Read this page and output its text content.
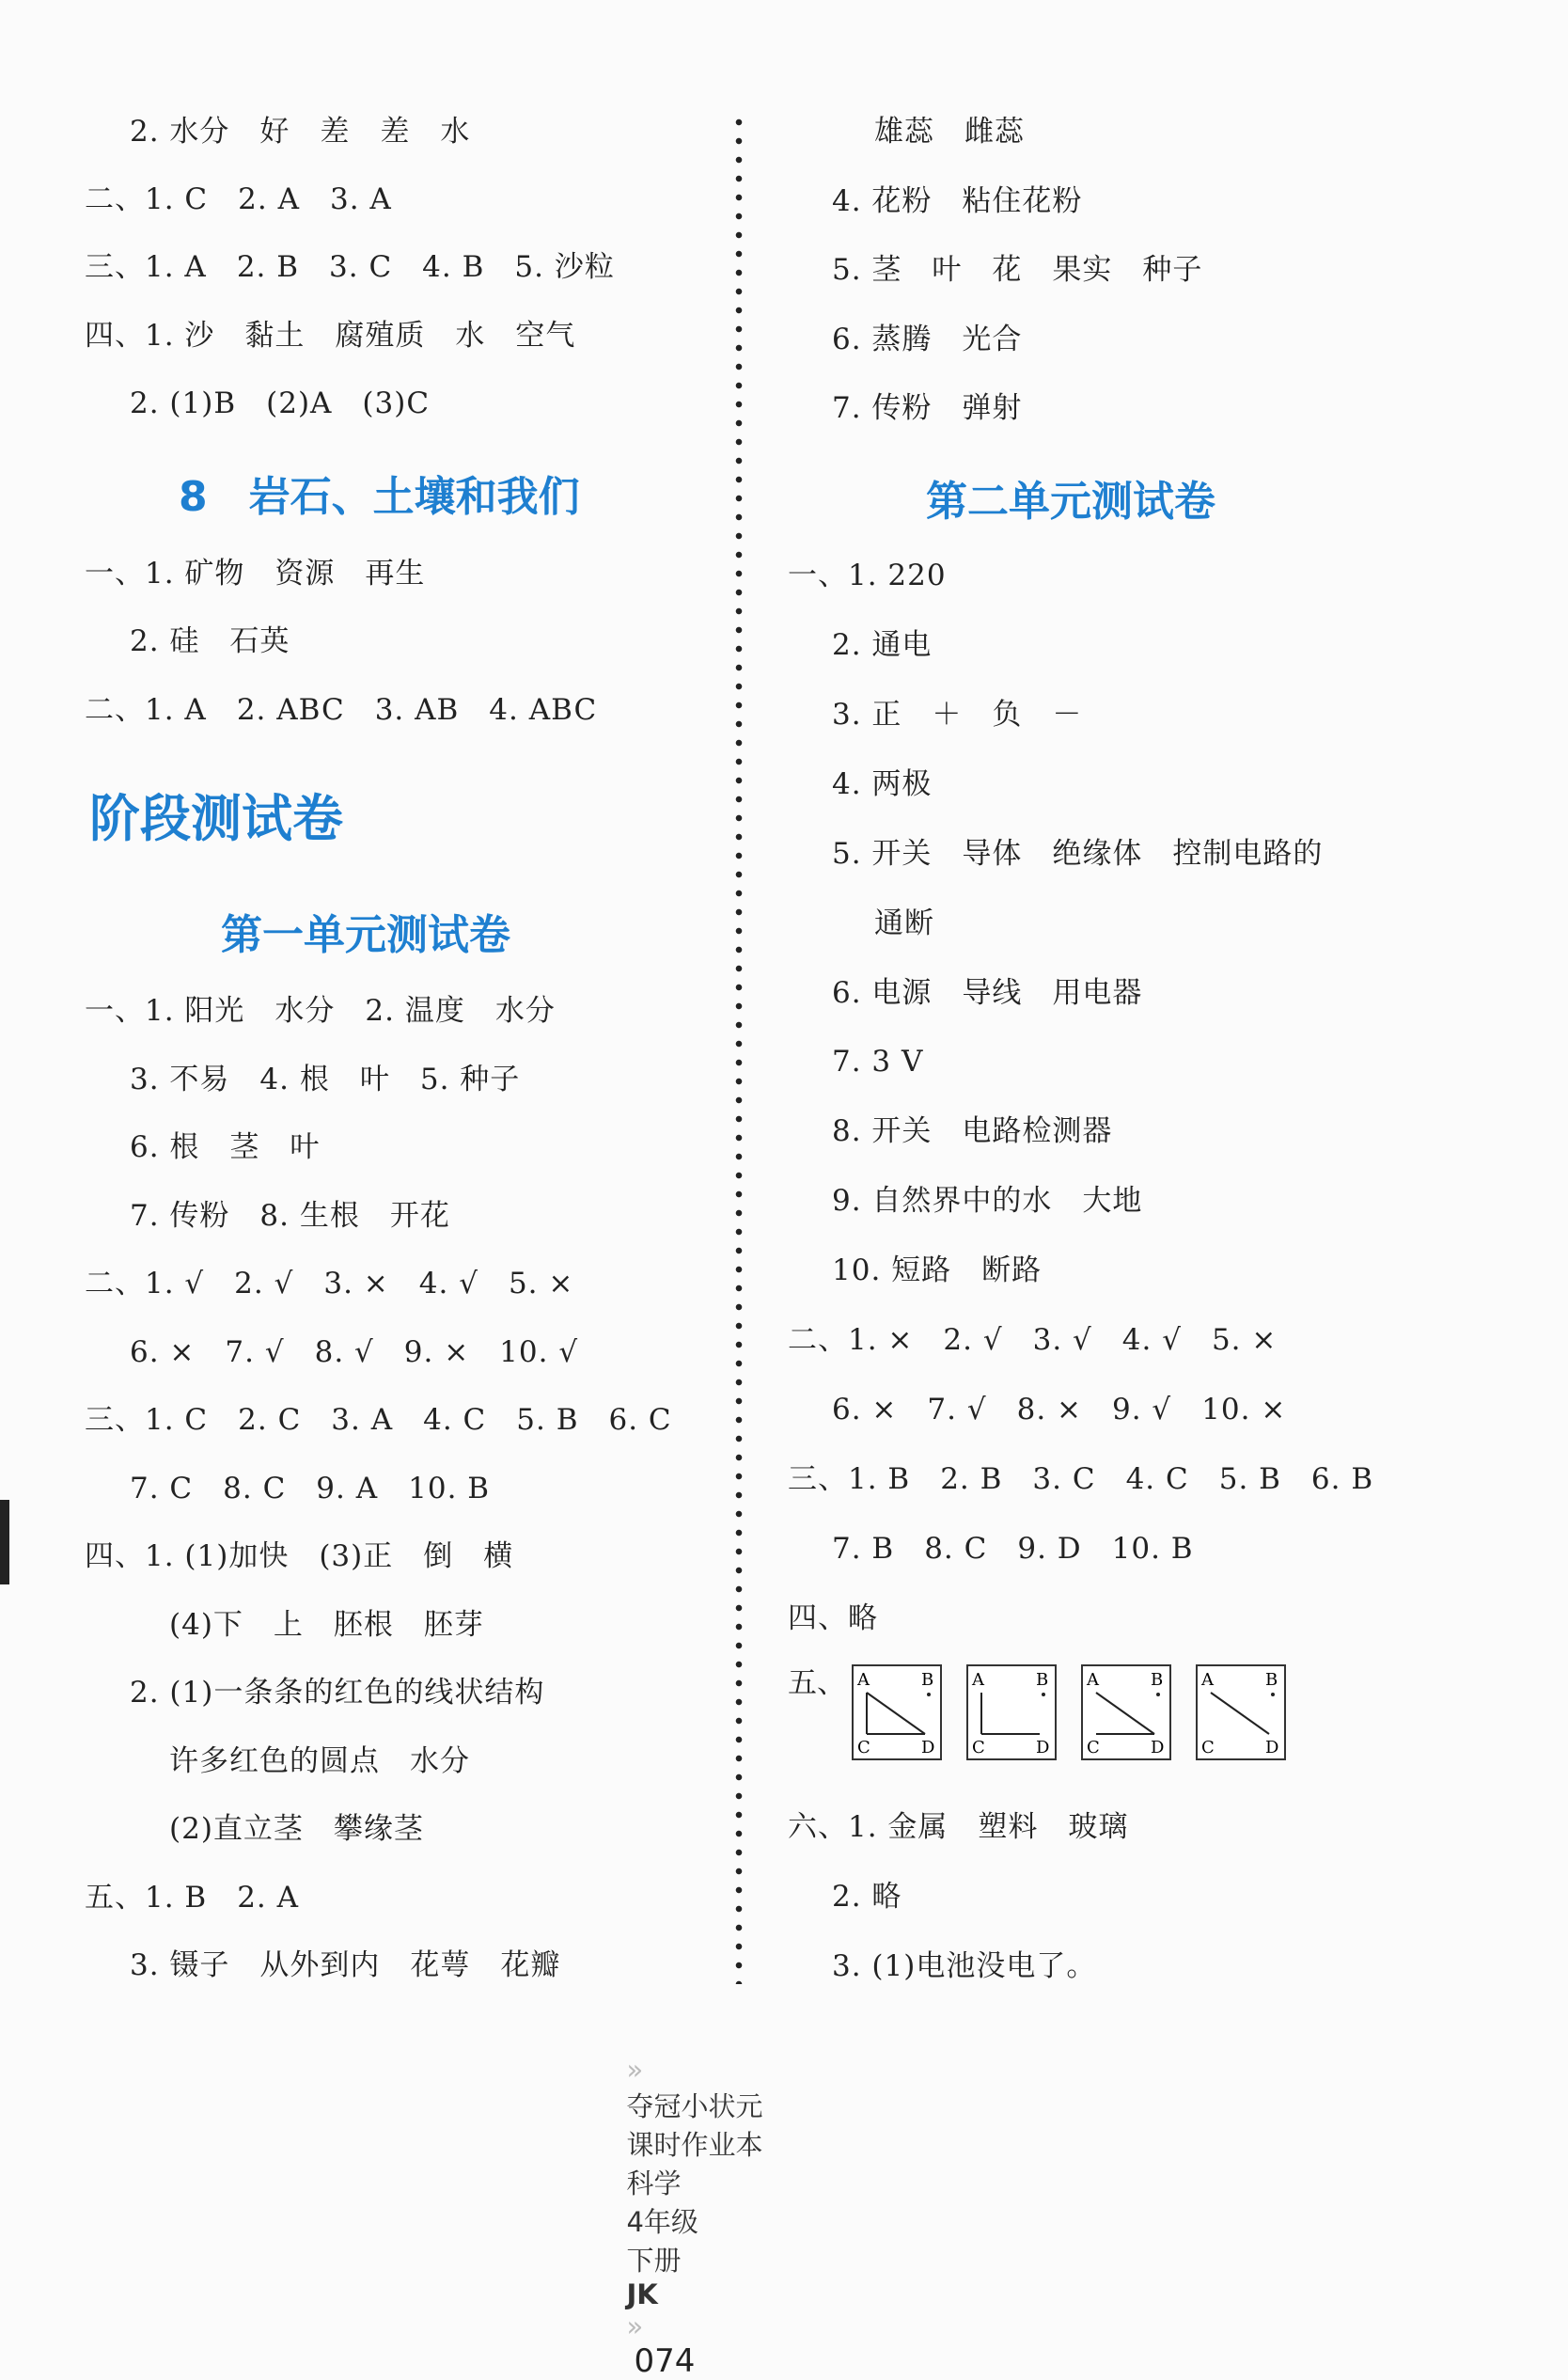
2. 水分　好　差　差　水
二、1. C　2. A　3. A
三、1. A　2. B　3. C　4. B　5. 沙粒
四、1. 沙　黏土　腐殖质　水　空气
2. (1)B　(2)A　(3)C
8　岩石、土壤和我们
一、1. 矿物　资源　再生
2. 硅　石英
二、1. A　2. ABC　3. AB　4. ABC
阶段测试卷
第一单元测试卷
一、1. 阳光　水分　2. 温度　水分
3. 不易　4. 根　叶　5. 种子
6. 根　茎　叶
7. 传粉　8. 生根　开花
二、1. √　2. √　3. ×　4. √　5. ×
6. ×　7. √　8. √　9. ×　10. √
三、1. C　2. C　3. A　4. C　5. B　6. C
7. C　8. C　9. A　10. B
四、1. (1)加快　(3)正　倒　横
(4)下　上　胚根　胚芽
2. (1)一条条的红色的线状结构
许多红色的圆点　水分
(2)直立茎　攀缘茎
五、1. B　2. A
3. 镊子　从外到内　花萼　花瓣
雄蕊　雌蕊
4. 花粉　粘住花粉
5. 茎　叶　花　果实　种子
6. 蒸腾　光合
7. 传粉　弹射
第二单元测试卷
一、1. 220
2. 通电
3. 正　＋　负　－
4. 两极
5. 开关　导体　绝缘体　控制电路的
通断
6. 电源　导线　用电器
7. 3 V
8. 开关　电路检测器
9. 自然界中的水　大地
10. 短路　断路
二、1. ×　2. √　3. √　4. √　5. ×
6. ×　7. √　8. ×　9. √　10. ×
三、1. B　2. B　3. C　4. C　5. B　6. B
7. B　8. C　9. D　10. B
四、略
六、1. 金属　塑料　玻璃
2. 略
3. (1)电池没电了。
五、 A	B
C	D
A	B
C	D
A	B
C	D
A	B
C	D

»
夺冠小状元
课时作业本
科学
4年级
下册
JK
»
074
